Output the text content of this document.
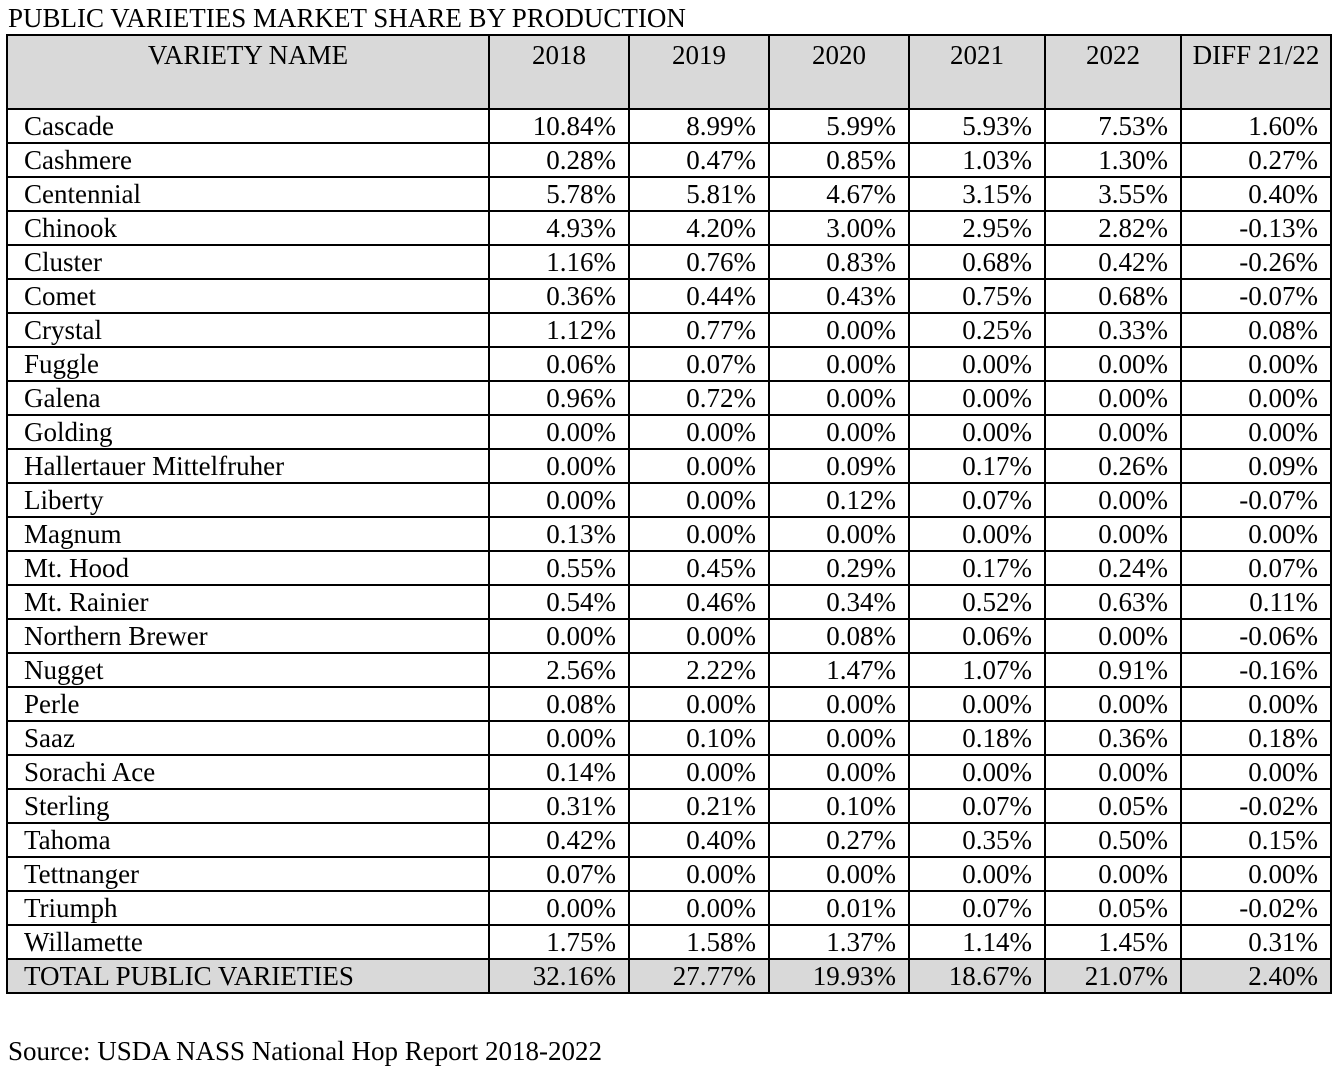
PUBLIC VARIETIES MARKET SHARE BY PRODUCTION
VARIETY NAME	2018	2019	2020	2021	2022	DIFF 21/22
Cascade	10.84%	8.99%	5.99%	5.93%	7.53%	1.60%
Cashmere	0.28%	0.47%	0.85%	1.03%	1.30%	0.27%
Centennial	5.78%	5.81%	4.67%	3.15%	3.55%	0.40%
Chinook	4.93%	4.20%	3.00%	2.95%	2.82%	-0.13%
Cluster	1.16%	0.76%	0.83%	0.68%	0.42%	-0.26%
Comet	0.36%	0.44%	0.43%	0.75%	0.68%	-0.07%
Crystal	1.12%	0.77%	0.00%	0.25%	0.33%	0.08%
Fuggle	0.06%	0.07%	0.00%	0.00%	0.00%	0.00%
Galena	0.96%	0.72%	0.00%	0.00%	0.00%	0.00%
Golding	0.00%	0.00%	0.00%	0.00%	0.00%	0.00%
Hallertauer Mittelfruher	0.00%	0.00%	0.09%	0.17%	0.26%	0.09%
Liberty	0.00%	0.00%	0.12%	0.07%	0.00%	-0.07%
Magnum	0.13%	0.00%	0.00%	0.00%	0.00%	0.00%
Mt. Hood	0.55%	0.45%	0.29%	0.17%	0.24%	0.07%
Mt. Rainier	0.54%	0.46%	0.34%	0.52%	0.63%	0.11%
Northern Brewer	0.00%	0.00%	0.08%	0.06%	0.00%	-0.06%
Nugget	2.56%	2.22%	1.47%	1.07%	0.91%	-0.16%
Perle	0.08%	0.00%	0.00%	0.00%	0.00%	0.00%
Saaz	0.00%	0.10%	0.00%	0.18%	0.36%	0.18%
Sorachi Ace	0.14%	0.00%	0.00%	0.00%	0.00%	0.00%
Sterling	0.31%	0.21%	0.10%	0.07%	0.05%	-0.02%
Tahoma	0.42%	0.40%	0.27%	0.35%	0.50%	0.15%
Tettnanger	0.07%	0.00%	0.00%	0.00%	0.00%	0.00%
Triumph	0.00%	0.00%	0.01%	0.07%	0.05%	-0.02%
Willamette	1.75%	1.58%	1.37%	1.14%	1.45%	0.31%
TOTAL PUBLIC VARIETIES	32.16%	27.77%	19.93%	18.67%	21.07%	2.40%
Source: USDA NASS National Hop Report 2018-2022
